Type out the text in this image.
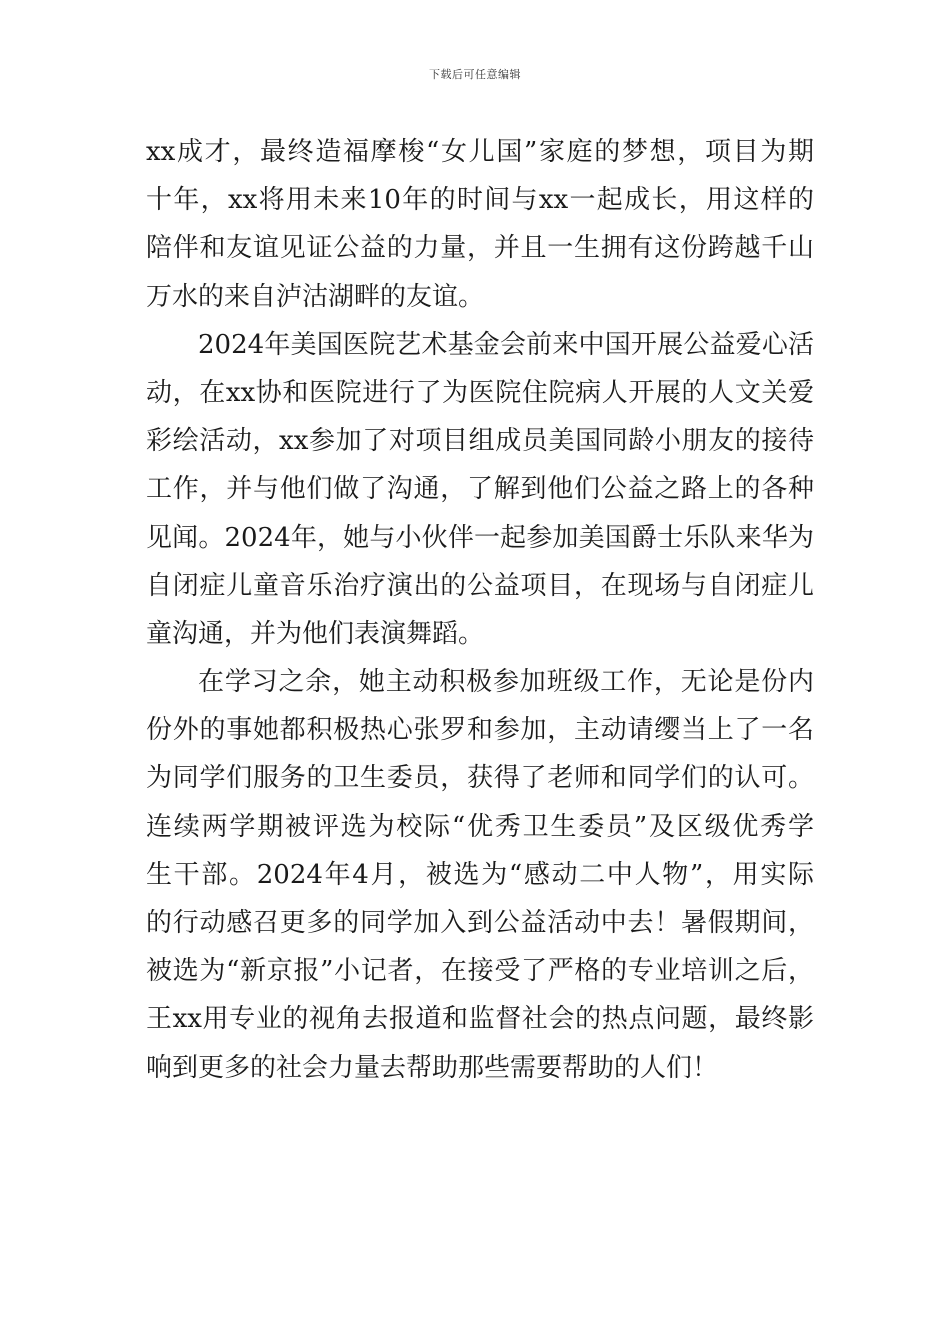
下载后可任意编辑
xx成才，最终造福摩梭“女儿国”家庭的梦想，项目为期
十年，xx将用未来10年的时间与xx一起成长，用这样的
陪伴和友谊见证公益的力量，并且一生拥有这份跨越千山
万水的来自泸沽湖畔的友谊。
2024年美国医院艺术基金会前来中国开展公益爱心活
动，在xx协和医院进行了为医院住院病人开展的人文关爱
彩绘活动，xx参加了对项目组成员美国同龄小朋友的接待
工作，并与他们做了沟通，了解到他们公益之路上的各种
见闻。2024年，她与小伙伴一起参加美国爵士乐队来华为
自闭症儿童音乐治疗演出的公益项目，在现场与自闭症儿
童沟通，并为他们表演舞蹈。
在学习之余，她主动积极参加班级工作，无论是份内
份外的事她都积极热心张罗和参加，主动请缨当上了一名
为同学们服务的卫生委员，获得了老师和同学们的认可。
连续两学期被评选为校际“优秀卫生委员”及区级优秀学
生干部。2024年4月，被选为“感动二中人物”，用实际
的行动感召更多的同学加入到公益活动中去！暑假期间，
被选为“新京报”小记者，在接受了严格的专业培训之后，
王xx用专业的视角去报道和监督社会的热点问题，最终影
响到更多的社会力量去帮助那些需要帮助的人们！
